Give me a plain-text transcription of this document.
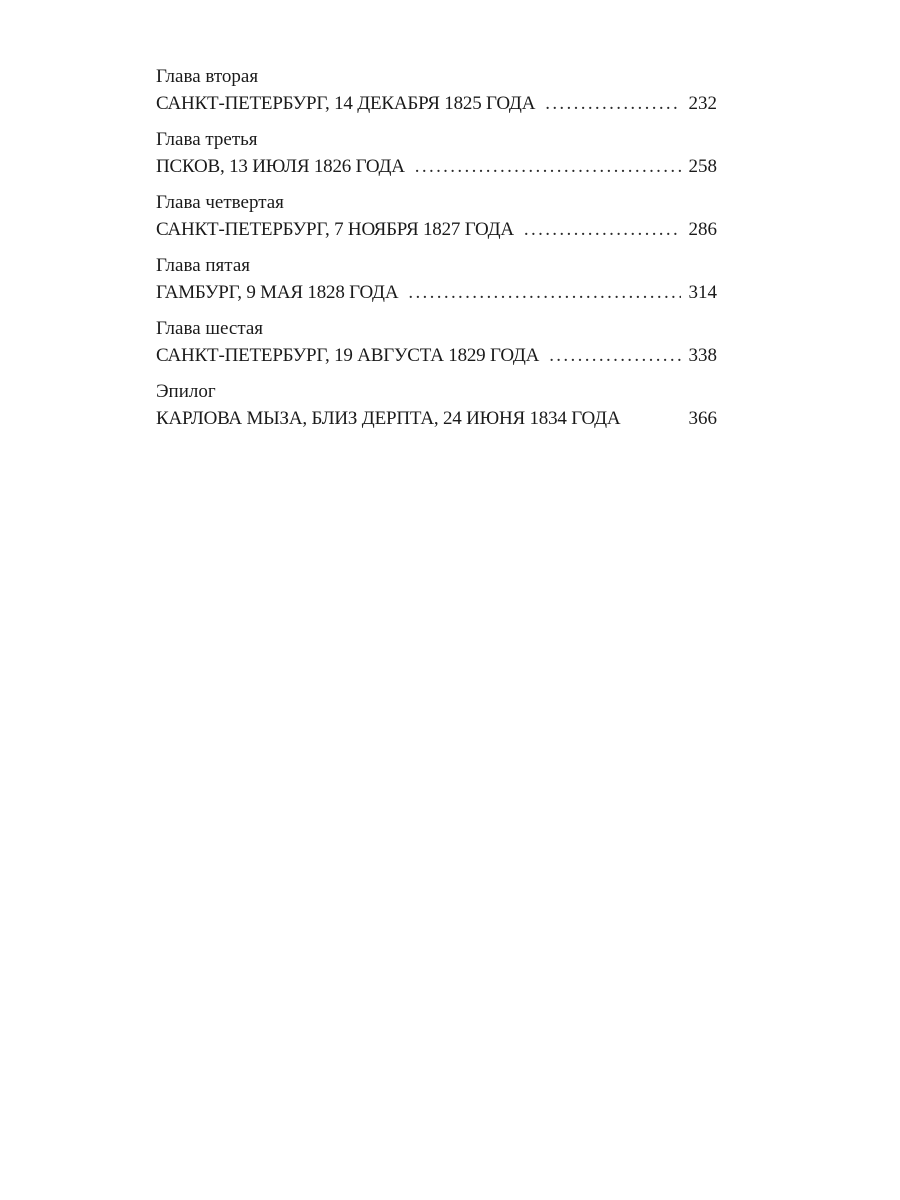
Глава вторая
САНКТ-ПЕТЕРБУРГ, 14 ДЕКАБРЯ 1825 ГОДА . . .	232
Глава третья
ПСКОВ, 13 ИЮЛЯ 1826 ГОДА . . .	258
Глава четвертая
САНКТ-ПЕТЕРБУРГ, 7 НОЯБРЯ 1827 ГОДА . . .	286
Глава пятая
ГАМБУРГ, 9 МАЯ 1828 ГОДА . . .	314
Глава шестая
САНКТ-ПЕТЕРБУРГ, 19 АВГУСТА 1829 ГОДА . . .	338
Эпилог
КАРЛОВА МЫЗА, БЛИЗ ДЕРПТА, 24 ИЮНЯ 1834 ГОДА	366
